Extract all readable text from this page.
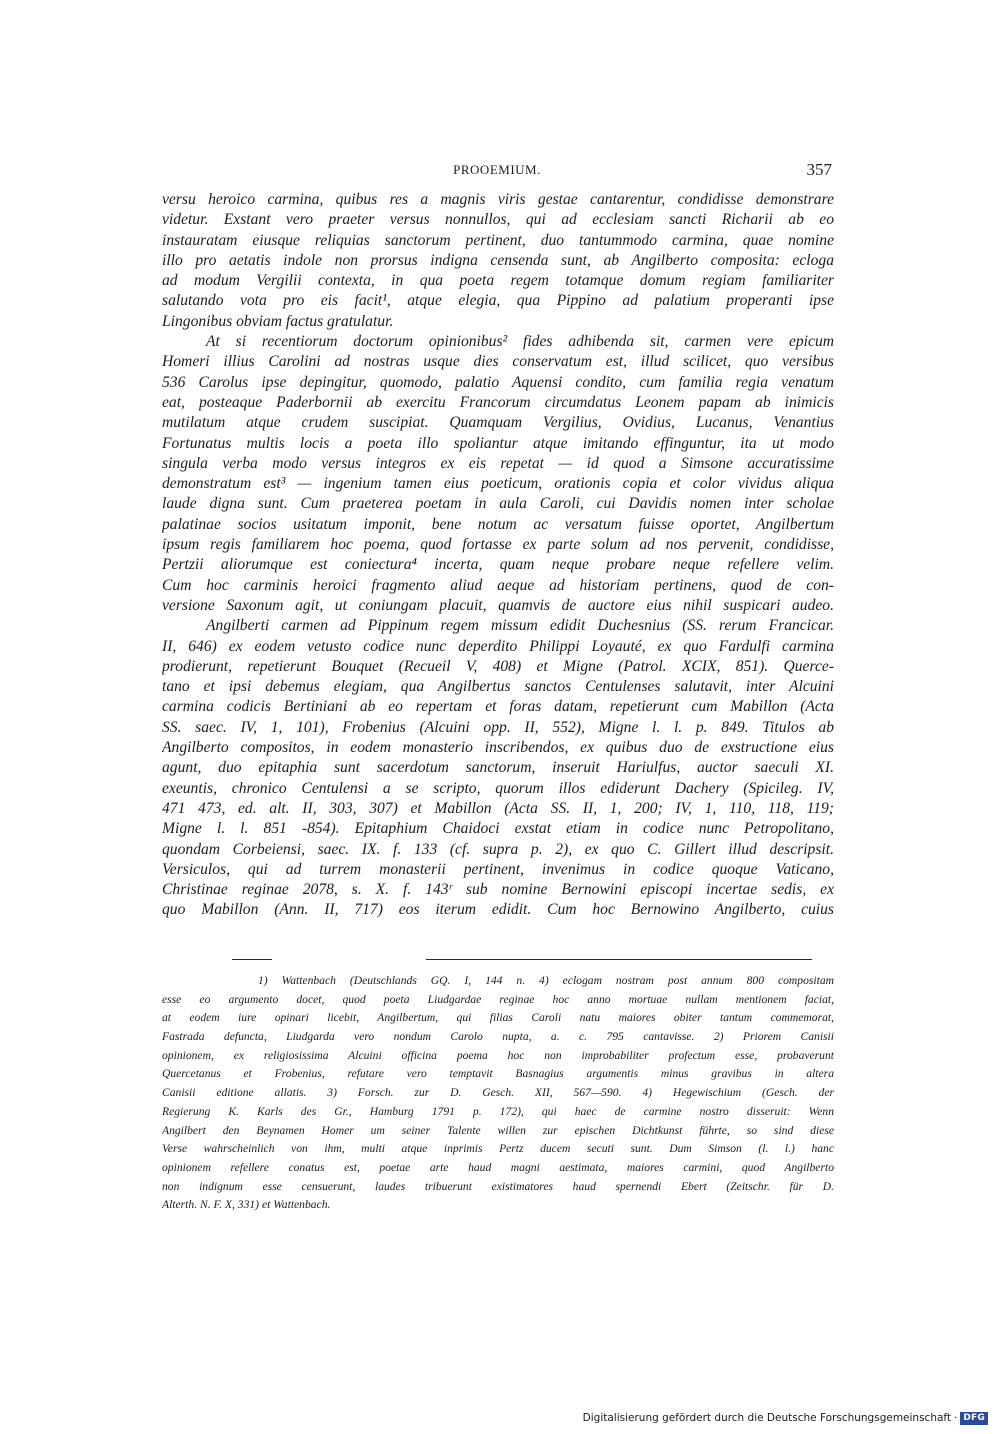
PROOEMIUM.	357
versu heroico carmina, quibus res a magnis viris gestae cantarentur, condidisse demonstrare
videtur. Exstant vero praeter versus nonnullos, qui ad ecclesiam sancti Richarii ab eo
instauratam eiusque reliquias sanctorum pertinent, duo tantummodo carmina, quae nomine
illo pro aetatis indole non prorsus indigna censenda sunt, ab Angilberto composita: ecloga
ad modum Vergilii contexta, in qua poeta regem totamque domum regiam familiariter
salutando vota pro eis facit¹, atque elegia, qua Pippino ad palatium properanti ipse
Lingonibus obviam factus gratulatur.
At si recentiorum doctorum opinionibus² fides adhibenda sit, carmen vere epicum
Homeri illius Carolini ad nostras usque dies conservatum est, illud scilicet, quo versibus
536 Carolus ipse depingitur, quomodo, palatio Aquensi condito, cum familia regia venatum
eat, posteaque Paderbornii ab exercitu Francorum circumdatus Leonem papam ab inimicis
mutilatum atque crudem suscipiat. Quamquam Vergilius, Ovidius, Lucanus, Venantius
Fortunatus multis locis a poeta illo spoliantur atque imitando effinguntur, ita ut modo
singula verba modo versus integros ex eis repetat — id quod a Simsone accuratissime
demonstratum est³ — ingenium tamen eius poeticum, orationis copia et color vividus aliqua
laude digna sunt. Cum praeterea poetam in aula Caroli, cui Davidis nomen inter scholae
palatinae socios usitatum imponit, bene notum ac versatum fuisse oportet, Angilbertum
ipsum regis familiarem hoc poema, quod fortasse ex parte solum ad nos pervenit, condidisse,
Pertzii aliorumque est coniectura⁴ incerta, quam neque probare neque refellere velim.
Cum hoc carminis heroici fragmento aliud aeque ad historiam pertinens, quod de con-
versione Saxonum agit, ut coniungam placuit, quamvis de auctore eius nihil suspicari audeo.
Angilberti carmen ad Pippinum regem missum edidit Duchesnius (SS. rerum Francicar.
II, 646) ex eodem vetusto codice nunc deperdito Philippi Loyauté, ex quo Fardulfi carmina
prodierunt, repetierunt Bouquet (Recueil V, 408) et Migne (Patrol. XCIX, 851). Querce-
tano et ipsi debemus elegiam, qua Angilbertus sanctos Centulenses salutavit, inter Alcuini
carmina codicis Bertiniani ab eo repertam et foras datam, repetierunt cum Mabillon (Acta
SS. saec. IV, 1, 101), Frobenius (Alcuini opp. II, 552), Migne l. l. p. 849. Titulos ab
Angilberto compositos, in eodem monasterio inscribendos, ex quibus duo de exstructione eius
agunt, duo epitaphia sunt sacerdotum sanctorum, inseruit Hariulfus, auctor saeculi XI.
exeuntis, chronico Centulensi a se scripto, quorum illos ediderunt Dachery (Spicileg. IV,
471 473, ed. alt. II, 303, 307) et Mabillon (Acta SS. II, 1, 200; IV, 1, 110, 118, 119;
Migne l. l. 851 -854). Epitaphium Chaidoci exstat etiam in codice nunc Petropolitano,
quondam Corbeiensi, saec. IX. f. 133 (cf. supra p. 2), ex quo C. Gillert illud descripsit.
Versiculos, qui ad turrem monasterii pertinent, invenimus in codice quoque Vaticano,
Christinae reginae 2078, s. X. f. 143ʳ sub nomine Bernowini episcopi incertae sedis, ex
quo Mabillon (Ann. II, 717) eos iterum edidit. Cum hoc Bernowino Angilberto, cuius
1) Wattenbach (Deutschlands GQ. I, 144 n. 4) eclogam nostram post annum 800 compositam
esse eo argumento docet, quod poeta Liudgardae reginae hoc anno mortuae nullam mentionem faciat,
at eodem iure opinari licebit, Angilbertum, qui filias Caroli natu maiores obiter tantum commemorat,
Fastrada defuncta, Liudgarda vero nondum Carolo nupta, a. c. 795 cantavisse. 2) Priorem Canisii
opinionem, ex religiosissima Alcuini officina poema hoc non improbabiliter profectum esse, probaverunt
Quercetanus et Frobenius, refutare vero temptavit Basnagius argumentis minus gravibus in altera
Canisii editione allatis. 3) Forsch. zur D. Gesch. XII, 567—590. 4) Hegewischium (Gesch. der
Regierung K. Karls des Gr., Hamburg 1791 p. 172), qui haec de carmine nostro disseruit: Wenn
Angilbert den Beynamen Homer um seiner Talente willen zur epischen Dichtkunst führte, so sind diese
Verse wahrscheinlich von ihm, multi atque inprimis Pertz ducem secuti sunt. Dum Simson (l. l.) hanc
opinionem refellere conatus est, poetae arte haud magni aestimata, maiores carmini, quod Angilberto
non indignum esse censuerunt, laudes tribuerunt existimatores haud spernendi Ebert (Zeitschr. für D.
Alterth. N. F. X, 331) et Wattenbach.
Digitalisierung gefördert durch die Deutsche Forschungsgemeinschaft · DFG
